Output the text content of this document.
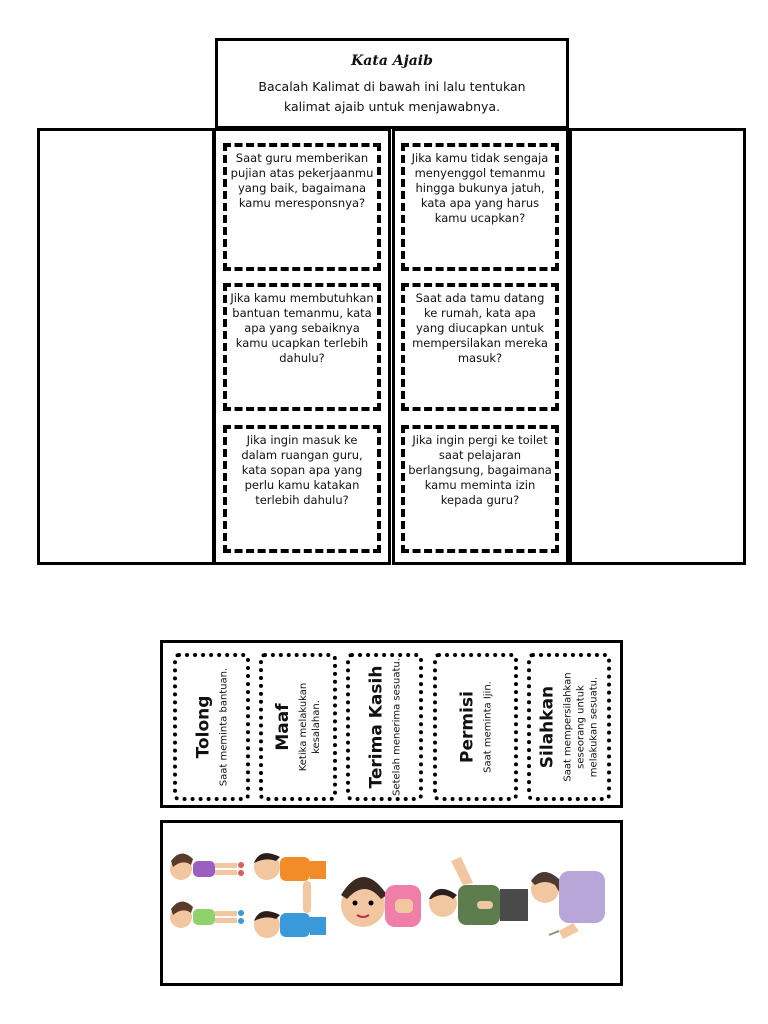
Kata Ajaib
Bacalah Kalimat di bawah ini lalu tentukan kalimat ajaib untuk menjawabnya.
Saat guru memberikan pujian atas pekerjaanmu yang baik, bagaimana kamu meresponsnya?
Jika kamu membutuhkan bantuan temanmu, kata apa yang sebaiknya kamu ucapkan terlebih dahulu?
Jika ingin masuk ke dalam ruangan guru, kata sopan apa yang perlu kamu katakan terlebih dahulu?
Jika kamu tidak sengaja menyenggol temanmu hingga bukunya jatuh, kata apa yang harus kamu ucapkan?
Saat ada tamu datang ke rumah, kata apa yang diucapkan untuk mempersilakan mereka masuk?
Jika ingin pergi ke toilet saat pelajaran berlangsung, bagaimana kamu meminta izin kepada guru?
Tolong Saat meminta bantuan.	Maaf Ketika melakukan kesalahan.	Terima Kasih Setelah menerima sesuatu.	Permisi Saat meminta Ijin.	Silahkan Saat mempersilahkan seseorang untuk melakukan sesuatu.
